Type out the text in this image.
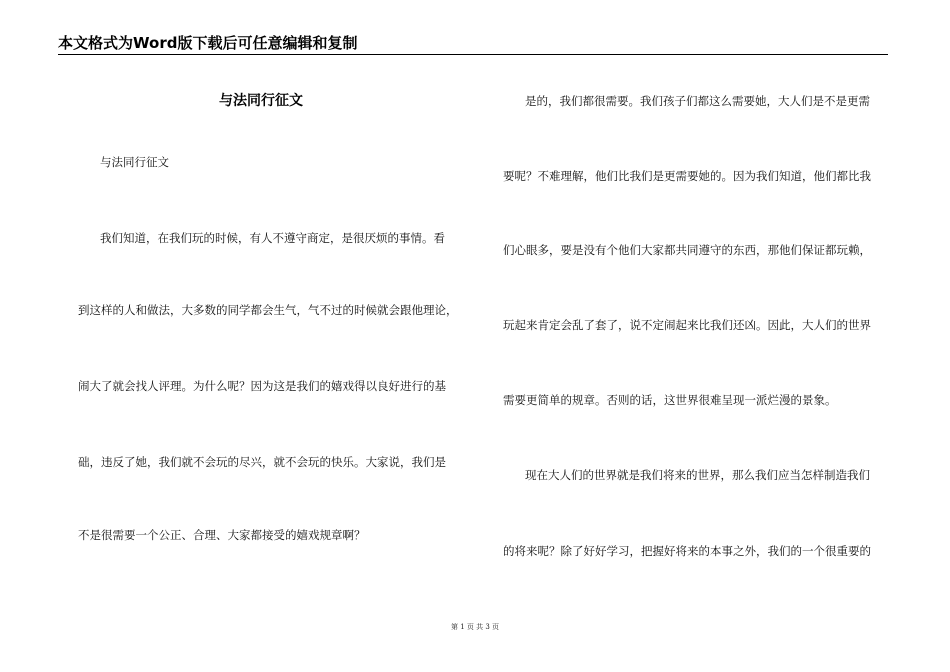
本文格式为Word版下载后可任意编辑和复制
与法同行征文
与法同行征文
我们知道，在我们玩的时候，有人不遵守商定，是很厌烦的事情。看
到这样的人和做法，大多数的同学都会生气，气不过的时候就会跟他理论，
闹大了就会找人评理。为什么呢？因为这是我们的嬉戏得以良好进行的基
础，违反了她，我们就不会玩的尽兴，就不会玩的快乐。大家说，我们是
不是很需要一个公正、合理、大家都接受的嬉戏规章啊？
是的，我们都很需要。我们孩子们都这么需要她，大人们是不是更需
要呢？不难理解，他们比我们是更需要她的。因为我们知道，他们都比我
们心眼多，要是没有个他们大家都共同遵守的东西，那他们保证都玩赖，
玩起来肯定会乱了套了，说不定闹起来比我们还凶。因此，大人们的世界
需要更简单的规章。否则的话，这世界很难呈现一派烂漫的景象。
现在大人们的世界就是我们将来的世界，那么我们应当怎样制造我们
的将来呢？除了好好学习，把握好将来的本事之外，我们的一个很重要的
第 1 页 共 3 页
